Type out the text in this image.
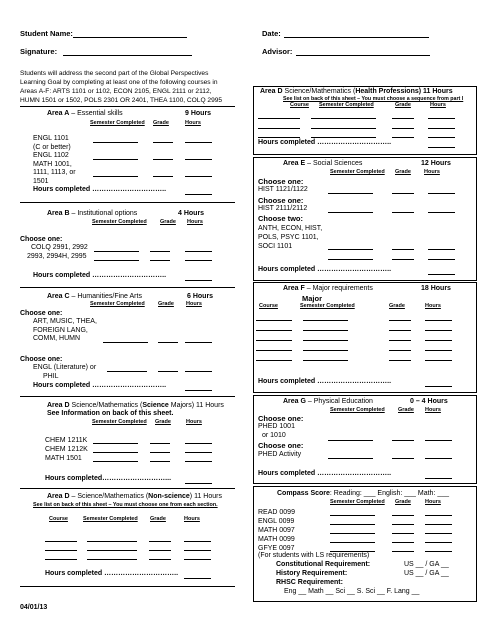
Student Name:	Date:
Signature:	Advisor:
Students will address the second part of the Global Perspectives
Learning Goal by completing at least one of the following courses in
Areas A-F: ARTS 1101 or 1102, ECON 2105, ENGL 2111 or 2112,
HUMN 1501 or 1502, POLS 2301 OR 2401, THEA 1100, COLQ 2995
Area A – Essential skills	9 Hours
Semester Completed Grade	Hours
ENGL 1101
(C or better)
ENGL 1102
MATH 1001,
1111, 1113, or
1501
Hours completed …………………………..
Area B – Institutional options	4 Hours
Semester Completed Grade Hours
Choose one:
COLQ 2991, 2992
2993, 2994H, 2995
Hours completed …………………………..
Area C – Humanities/Fine Arts	6 Hours
Semester Completed Grade Hours
Choose one:
ART, MUSIC, THEA,
FOREIGN LANG,
COMM, HUMN
Choose one:
ENGL (Literature) or
PHIL
Hours completed …………………………..
Area D Science/Mathematics (Science Majors) 11 Hours
See Information on back of this sheet.
Semester Completed Grade	Hours
CHEM 1211K
CHEM 1212K
MATH 1501
Hours completed………………………...
Area D – Science/Mathematics (Non-science) 11 Hours
See list on back of this sheet – You must choose one from each section.
Course	Semester Completed Grade	Hours
Hours completed …………………………..
04/01/13
Area D Science/Mathematics (Health Professions) 11 Hours
See list on back of this sheet – You must choose a sequence from part I
Course Semester Completed	Grade	Hours
Hours completed …………………………..
Area E – Social Sciences	12 Hours
Semester Completed Grade Hours
Choose one:
HIST 1121/1122
Choose one:
HIST 2111/2112
Choose two:
ANTH, ECON, HIST,
POLS, PSYC 1101,
SOCI 1101
Hours completed …………………………..
Area F – Major requirements	18 Hours
Major
Course	Semester Completed	Grade	Hours
Hours completed …………………………..
Area G – Physical Education	0 – 4 Hours
Semester Completed Grade Hours
Choose one:
PHED 1001
or 1010
Choose one:
PHED Activity
Hours completed …………………………..
Compass Score: Reading: ___ English: ___ Math: ___
Semester Completed Grade	Hours
READ 0099
ENGL 0099
MATH 0097
MATH 0099
GFYE 0097
(For students with LS requirements)
Constitutional Requirement:	US __ / GA __
History Requirement:	US __ / GA __
RHSC Requirement:
Eng __ Math __ Sci __ S. Sci __ F. Lang __
